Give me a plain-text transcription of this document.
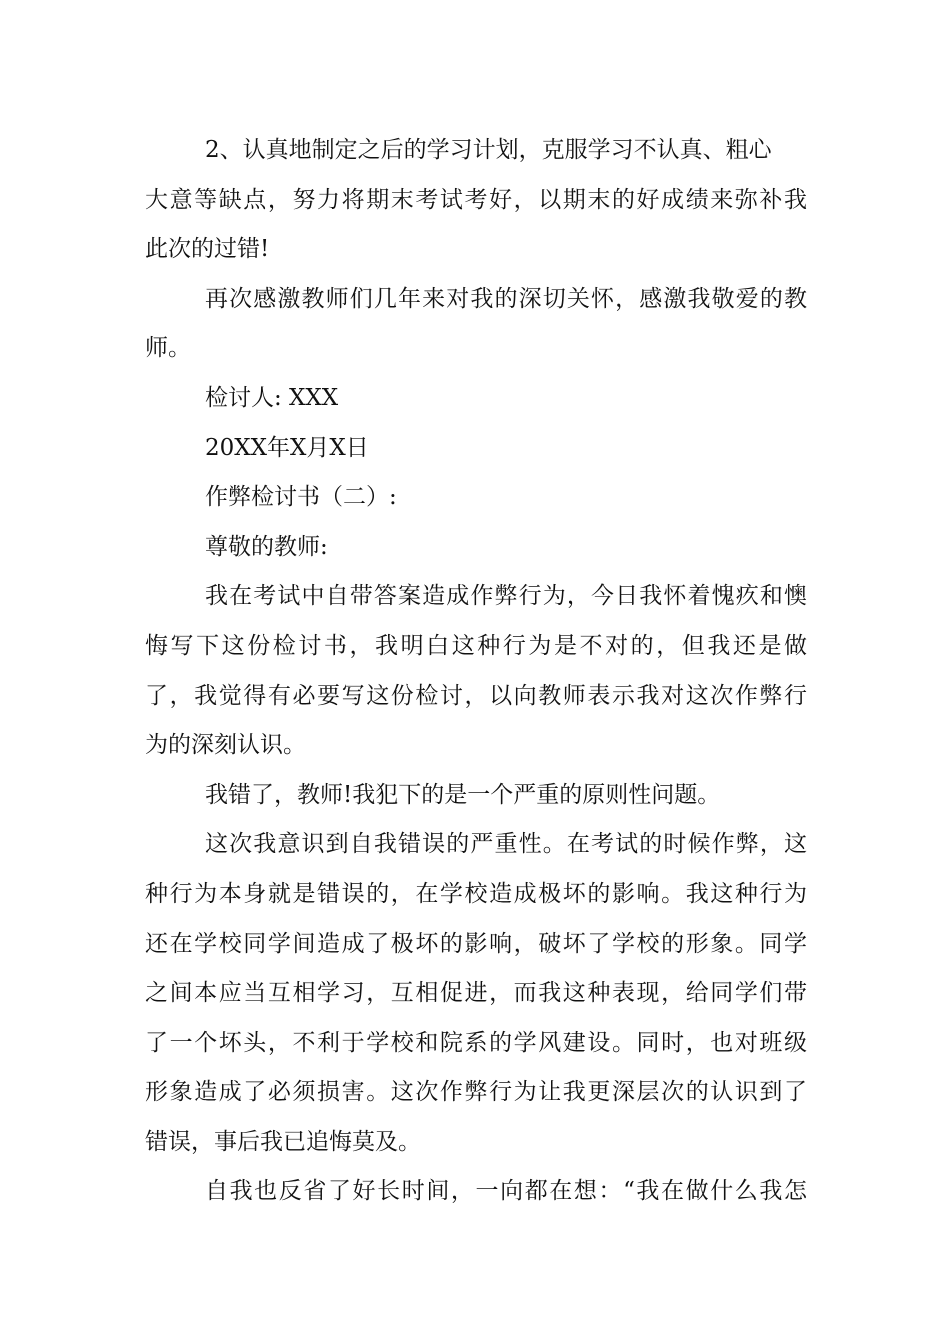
2、认真地制定之后的学习计划，克服学习不认真、粗心
大意等缺点，努力将期末考试考好，以期末的好成绩来弥补我
此次的过错!
再次感激教师们几年来对我的深切关怀，感激我敬爱的教
师。
检讨人: XXX
20XX年X月X日
作弊检讨书（二）:
尊敬的教师:
我在考试中自带答案造成作弊行为，今日我怀着愧疚和懊
悔写下这份检讨书，我明白这种行为是不对的，但我还是做
了，我觉得有必要写这份检讨，以向教师表示我对这次作弊行
为的深刻认识。
我错了，教师!我犯下的是一个严重的原则性问题。
这次我意识到自我错误的严重性。在考试的时候作弊，这
种行为本身就是错误的，在学校造成极坏的影响。我这种行为
还在学校同学间造成了极坏的影响，破坏了学校的形象。同学
之间本应当互相学习，互相促进，而我这种表现，给同学们带
了一个坏头，不利于学校和院系的学风建设。同时，也对班级
形象造成了必须损害。这次作弊行为让我更深层次的认识到了
错误，事后我已追悔莫及。
自我也反省了好长时间，一向都在想：“我在做什么我怎
